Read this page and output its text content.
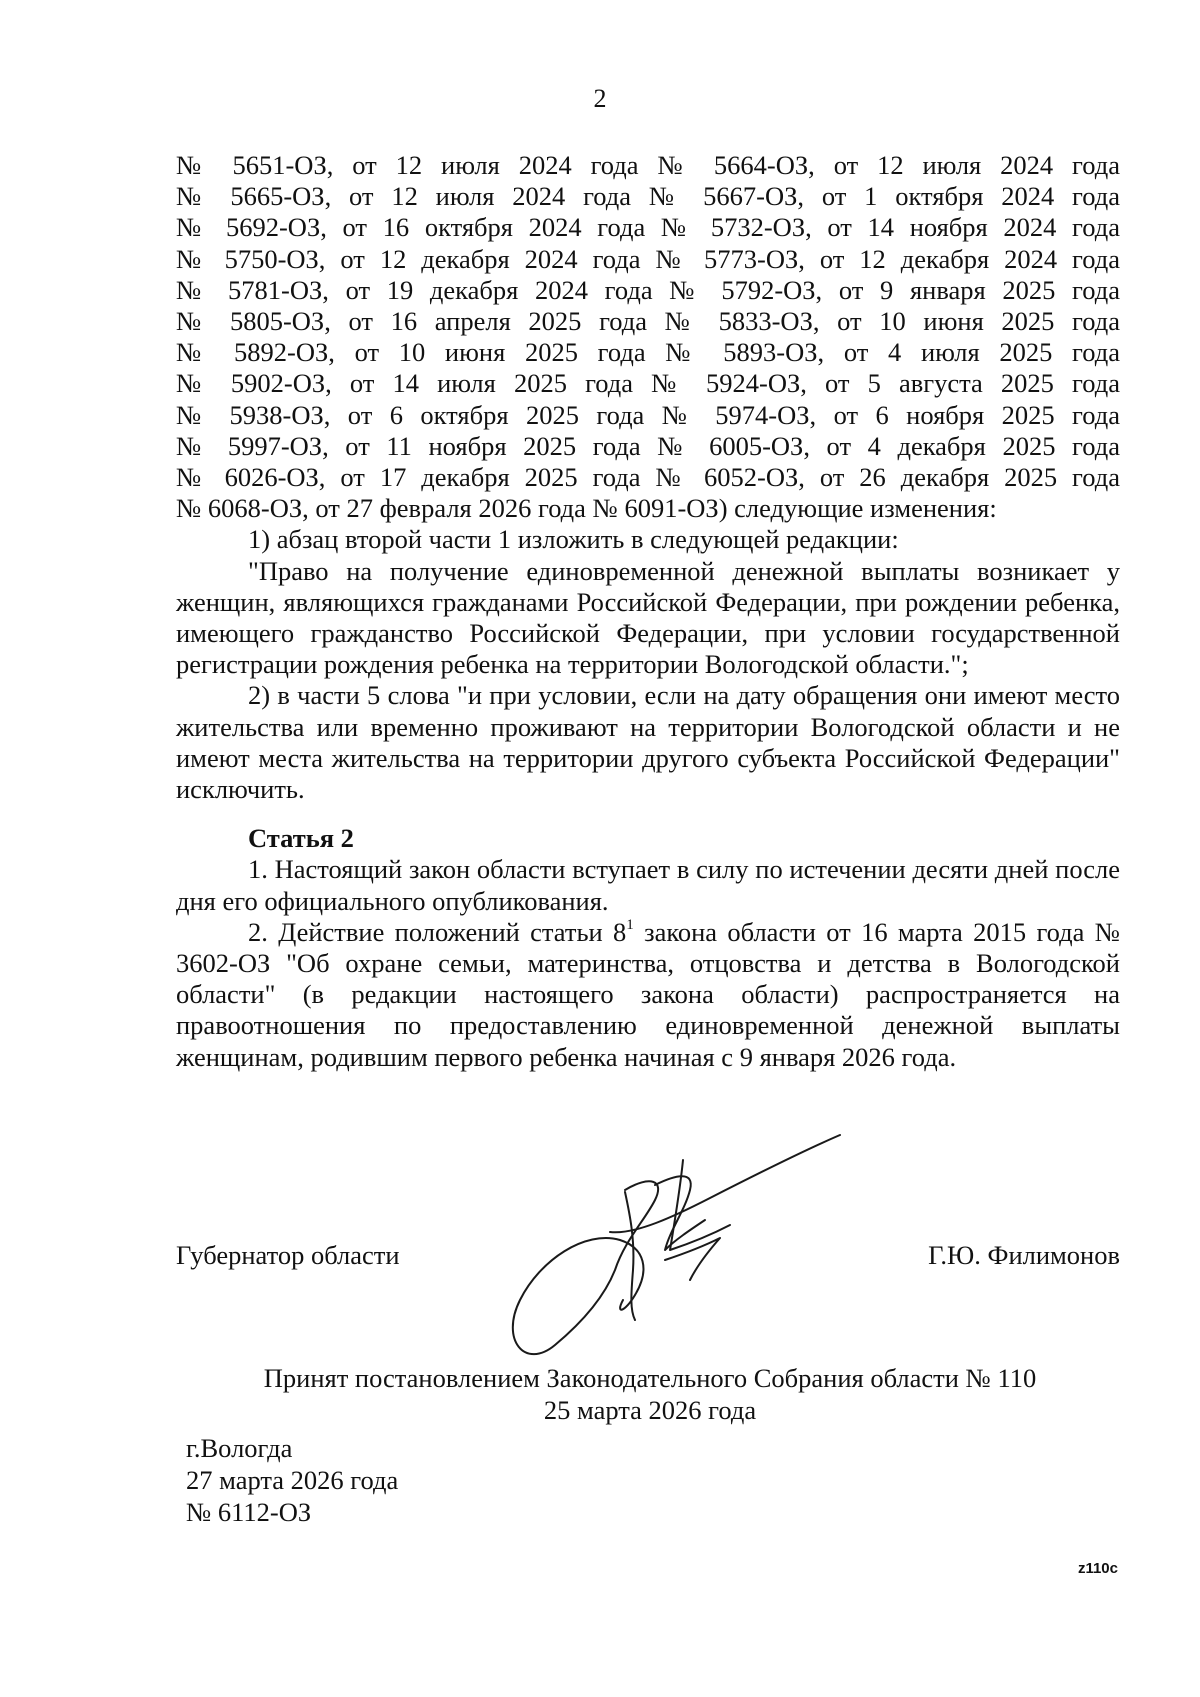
2
№ 5651-ОЗ, от 12 июля 2024 года № 5664-ОЗ, от 12 июля 2024 года
№ 5665-ОЗ, от 12 июля 2024 года № 5667-ОЗ, от 1 октября 2024 года
№ 5692-ОЗ, от 16 октября 2024 года № 5732-ОЗ, от 14 ноября 2024 года
№ 5750-ОЗ, от 12 декабря 2024 года № 5773-ОЗ, от 12 декабря 2024 года
№ 5781-ОЗ, от 19 декабря 2024 года № 5792-ОЗ, от 9 января 2025 года
№ 5805-ОЗ, от 16 апреля 2025 года № 5833-ОЗ, от 10 июня 2025 года
№ 5892-ОЗ, от 10 июня 2025 года № 5893-ОЗ, от 4 июля 2025 года
№ 5902-ОЗ, от 14 июля 2025 года № 5924-ОЗ, от 5 августа 2025 года
№ 5938-ОЗ, от 6 октября 2025 года № 5974-ОЗ, от 6 ноября 2025 года
№ 5997-ОЗ, от 11 ноября 2025 года № 6005-ОЗ, от 4 декабря 2025 года
№ 6026-ОЗ, от 17 декабря 2025 года № 6052-ОЗ, от 26 декабря 2025 года
№ 6068-ОЗ, от 27 февраля 2026 года № 6091-ОЗ) следующие изменения:

1) абзац второй части 1 изложить в следующей редакции:

"Право на получение единовременной денежной выплаты возникает у женщин, являющихся гражданами Российской Федерации, при рождении ребенка, имеющего гражданство Российской Федерации, при условии государственной регистрации рождения ребенка на территории Вологодской области.";

2) в части 5 слова "и при условии, если на дату обращения они имеют место жительства или временно проживают на территории Вологодской области и не имеют места жительства на территории другого субъекта Российской Федерации" исключить.

Статья 2

1. Настоящий закон области вступает в силу по истечении десяти дней после дня его официального опубликования.

2. Действие положений статьи $8^1$ закона области от 16 марта 2015 года № 3602-ОЗ "Об охране семьи, материнства, отцовства и детства в Вологодской области" (в редакции настоящего закона области) распространяется на правоотношения по предоставлению единовременной денежной выплаты женщинам, родившим первого ребенка начиная с 9 января 2026 года.

Губернатор области	Г.Ю. Филимонов
Принят постановлением Законодательного Собрания области № 110
25 марта 2026 года
г.Вологда
27 марта 2026 года
№ 6112-ОЗ
z110c
